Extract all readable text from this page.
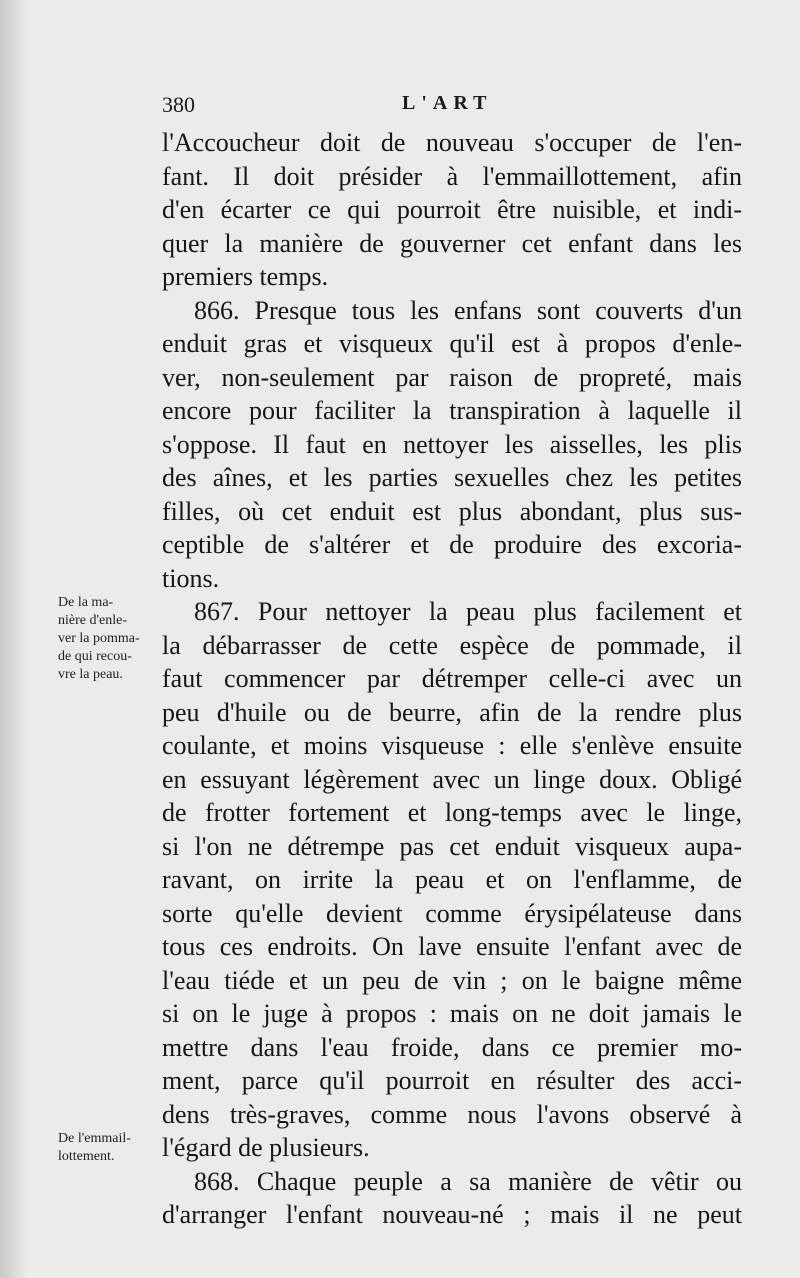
380	L'ART
De la ma-
nière d'enle-
ver la pomma-
de qui recou-
vre la peau.
De l'emmail-
lottement.
l'Accoucheur doit de nouveau s'occuper de l'en-
fant. Il doit présider à l'emmaillottement, afin
d'en écarter ce qui pourroit être nuisible, et indi-
quer la manière de gouverner cet enfant dans les
premiers temps.
866. Presque tous les enfans sont couverts d'un
enduit gras et visqueux qu'il est à propos d'enle-
ver, non-seulement par raison de propreté, mais
encore pour faciliter la transpiration à laquelle il
s'oppose. Il faut en nettoyer les aisselles, les plis
des aînes, et les parties sexuelles chez les petites
filles, où cet enduit est plus abondant, plus sus-
ceptible de s'altérer et de produire des excoria-
tions.
867. Pour nettoyer la peau plus facilement et
la débarrasser de cette espèce de pommade, il
faut commencer par détremper celle-ci avec un
peu d'huile ou de beurre, afin de la rendre plus
coulante, et moins visqueuse : elle s'enlève ensuite
en essuyant légèrement avec un linge doux. Obligé
de frotter fortement et long-temps avec le linge,
si l'on ne détrempe pas cet enduit visqueux aupa-
ravant, on irrite la peau et on l'enflamme, de
sorte qu'elle devient comme érysipélateuse dans
tous ces endroits. On lave ensuite l'enfant avec de
l'eau tiéde et un peu de vin ; on le baigne même
si on le juge à propos : mais on ne doit jamais le
mettre dans l'eau froide, dans ce premier mo-
ment, parce qu'il pourroit en résulter des acci-
dens très-graves, comme nous l'avons observé à
l'égard de plusieurs.
868. Chaque peuple a sa manière de vêtir ou
d'arranger l'enfant nouveau-né ; mais il ne peut
